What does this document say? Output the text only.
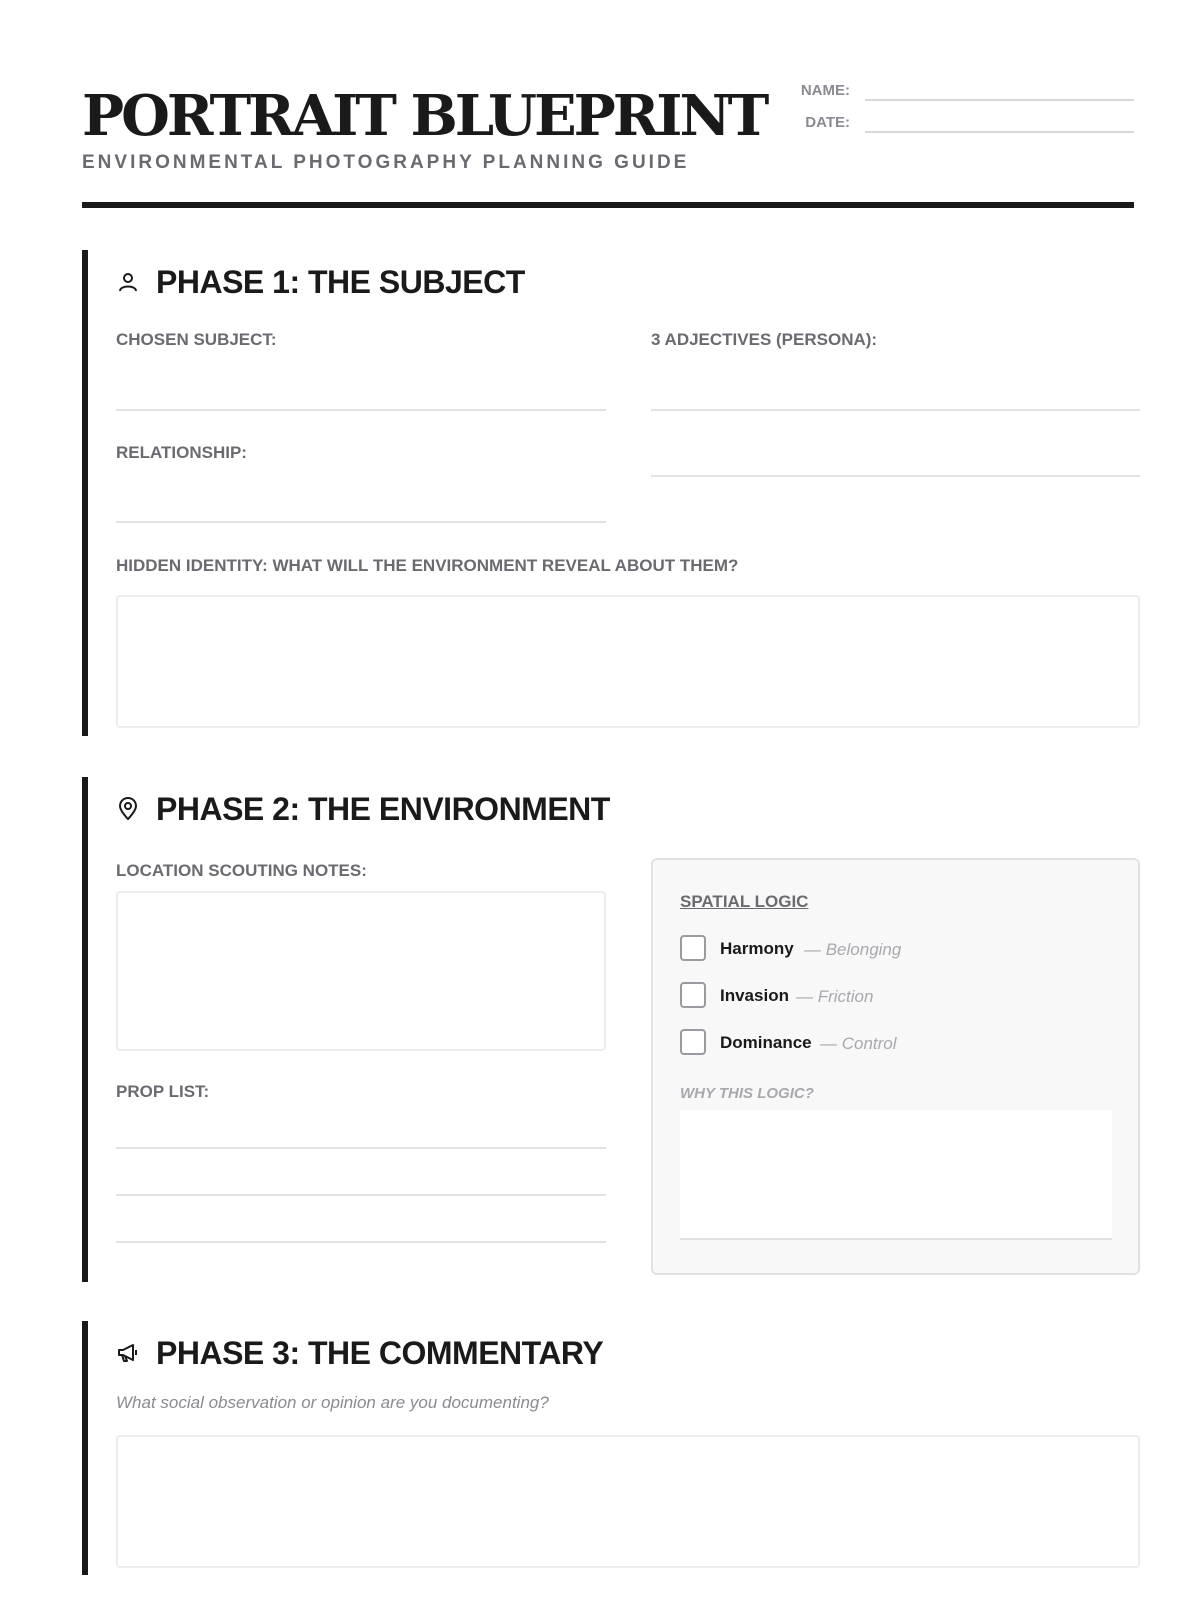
PORTRAIT BLUEPRINT
ENVIRONMENTAL PHOTOGRAPHY PLANNING GUIDE
NAME:
DATE:
PHASE 1: THE SUBJECT
CHOSEN SUBJECT:	3 ADJECTIVES (PERSONA):
RELATIONSHIP:
HIDDEN IDENTITY: WHAT WILL THE ENVIRONMENT REVEAL ABOUT THEM?
PHASE 2: THE ENVIRONMENT
LOCATION SCOUTING NOTES:
PROP LIST:
SPATIAL LOGIC
Harmony — Belonging
Invasion — Friction
Dominance — Control
WHY THIS LOGIC?
PHASE 3: THE COMMENTARY
What social observation or opinion are you documenting?
